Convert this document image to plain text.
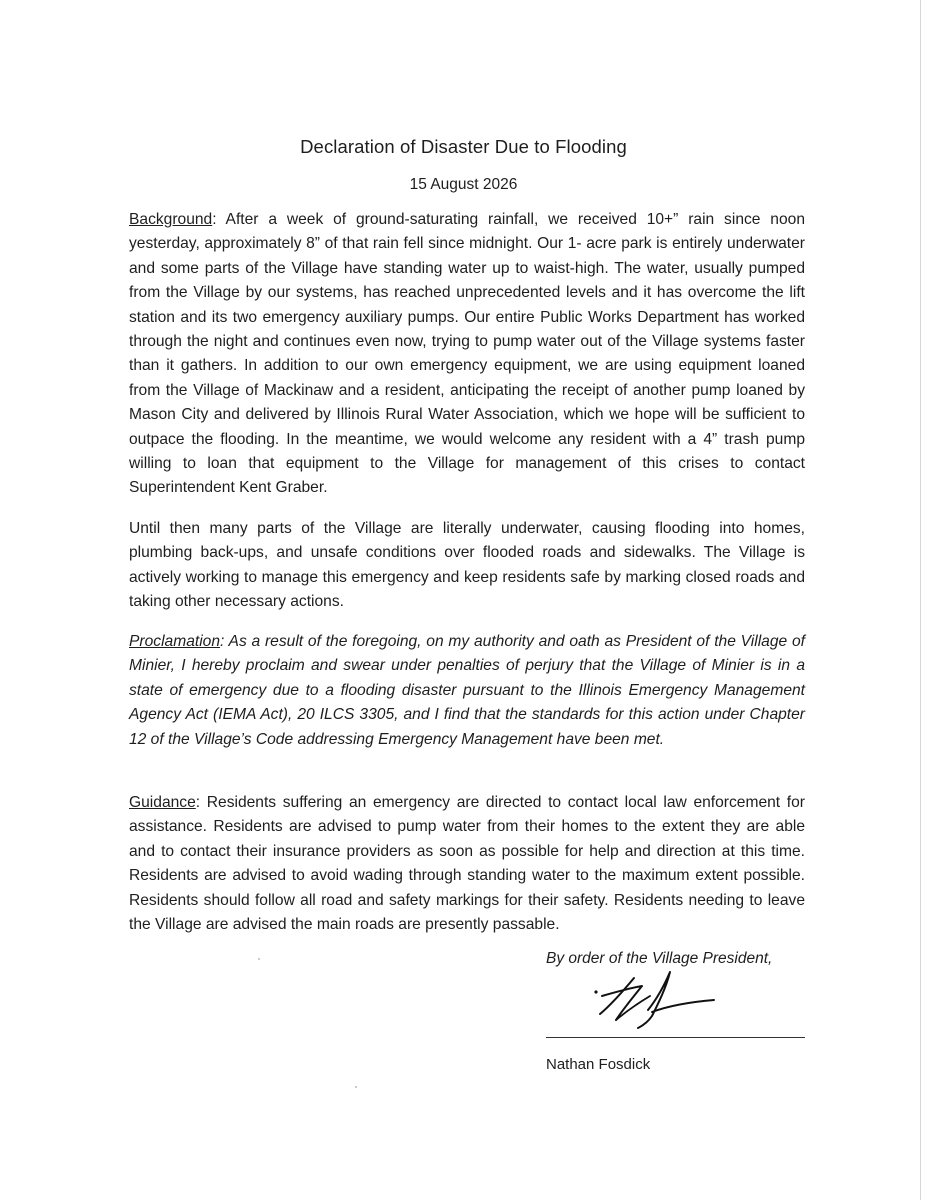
Declaration of Disaster Due to Flooding
15 August 2026

Background: After a week of ground-saturating rainfall, we received 10+” rain since noon yesterday, approximately 8” of that rain fell since midnight. Our 1- acre park is entirely underwater and some parts of the Village have standing water up to waist-high. The water, usually pumped from the Village by our systems, has reached unprecedented levels and it has overcome the lift station and its two emergency auxiliary pumps. Our entire Public Works Department has worked through the night and continues even now, trying to pump water out of the Village systems faster than it gathers. In addition to our own emergency equipment, we are using equipment loaned from the Village of Mackinaw and a resident, anticipating the receipt of another pump loaned by Mason City and delivered by Illinois Rural Water Association, which we hope will be sufficient to outpace the flooding. In the meantime, we would welcome any resident with a 4” trash pump willing to loan that equipment to the Village for management of this crises to contact Superintendent Kent Graber.

Until then many parts of the Village are literally underwater, causing flooding into homes, plumbing back-ups, and unsafe conditions over flooded roads and sidewalks. The Village is actively working to manage this emergency and keep residents safe by marking closed roads and taking other necessary actions.

Proclamation: As a result of the foregoing, on my authority and oath as President of the Village of Minier, I hereby proclaim and swear under penalties of perjury that the Village of Minier is in a state of emergency due to a flooding disaster pursuant to the Illinois Emergency Management Agency Act (IEMA Act), 20 ILCS 3305, and I find that the standards for this action under Chapter 12 of the Village’s Code addressing Emergency Management have been met.

Guidance: Residents suffering an emergency are directed to contact local law enforcement for assistance. Residents are advised to pump water from their homes to the extent they are able and to contact their insurance providers as soon as possible for help and direction at this time. Residents are advised to avoid wading through standing water to the maximum extent possible. Residents should follow all road and safety markings for their safety. Residents needing to leave the Village are advised the main roads are presently passable.

By order of the Village President,
Nathan Fosdick
